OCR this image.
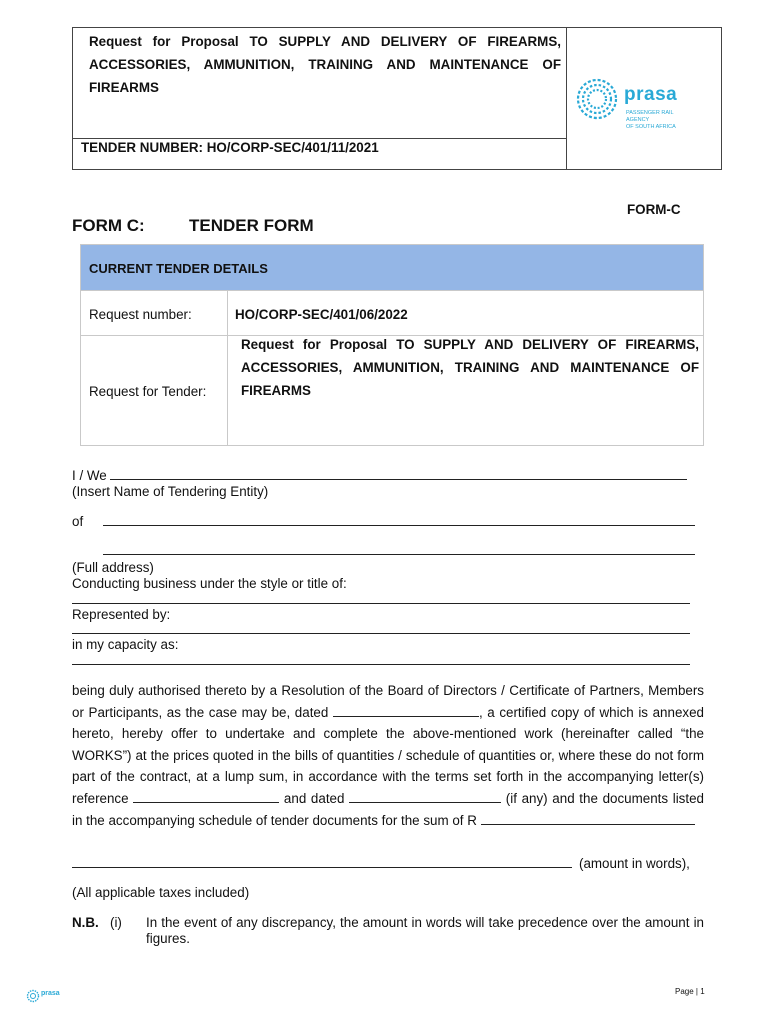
Request for Proposal TO SUPPLY AND DELIVERY OF FIREARMS, ACCESSORIES, AMMUNITION, TRAINING AND MAINTENANCE OF FIREARMS
TENDER NUMBER: HO/CORP-SEC/401/11/2021
prasa
PASSENGER RAIL AGENCY
OF SOUTH AFRICA
FORM-C
FORM C:	TENDER FORM
CURRENT TENDER DETAILS
Request number:	HO/CORP-SEC/401/06/2022
Request for Tender:
Request for Proposal TO SUPPLY AND DELIVERY OF FIREARMS, ACCESSORIES, AMMUNITION, TRAINING AND MAINTENANCE OF FIREARMS
I / We
(Insert Name of Tendering Entity)
of
(Full address)
Conducting business under the style or title of:
Represented by:
in my capacity as:
being duly authorised thereto by a Resolution of the Board of Directors / Certificate of Partners, Members or Participants, as the case may be, dated	, a certified copy of which is annexed hereto, hereby offer to undertake and complete the above-mentioned work (hereinafter called “the WORKS”) at the prices quoted in the bills of quantities / schedule of quantities or, where these do not form part of the contract, at a lump sum, in accordance with the terms set forth in the accompanying letter(s) reference	and dated	(if any) and the documents listed in the accompanying schedule of tender documents for the sum of R
(amount in words),
(All applicable taxes included)
N.B. (i) In the event of any discrepancy, the amount in words will take precedence over the amount in figures.
prasa	Page | 1
